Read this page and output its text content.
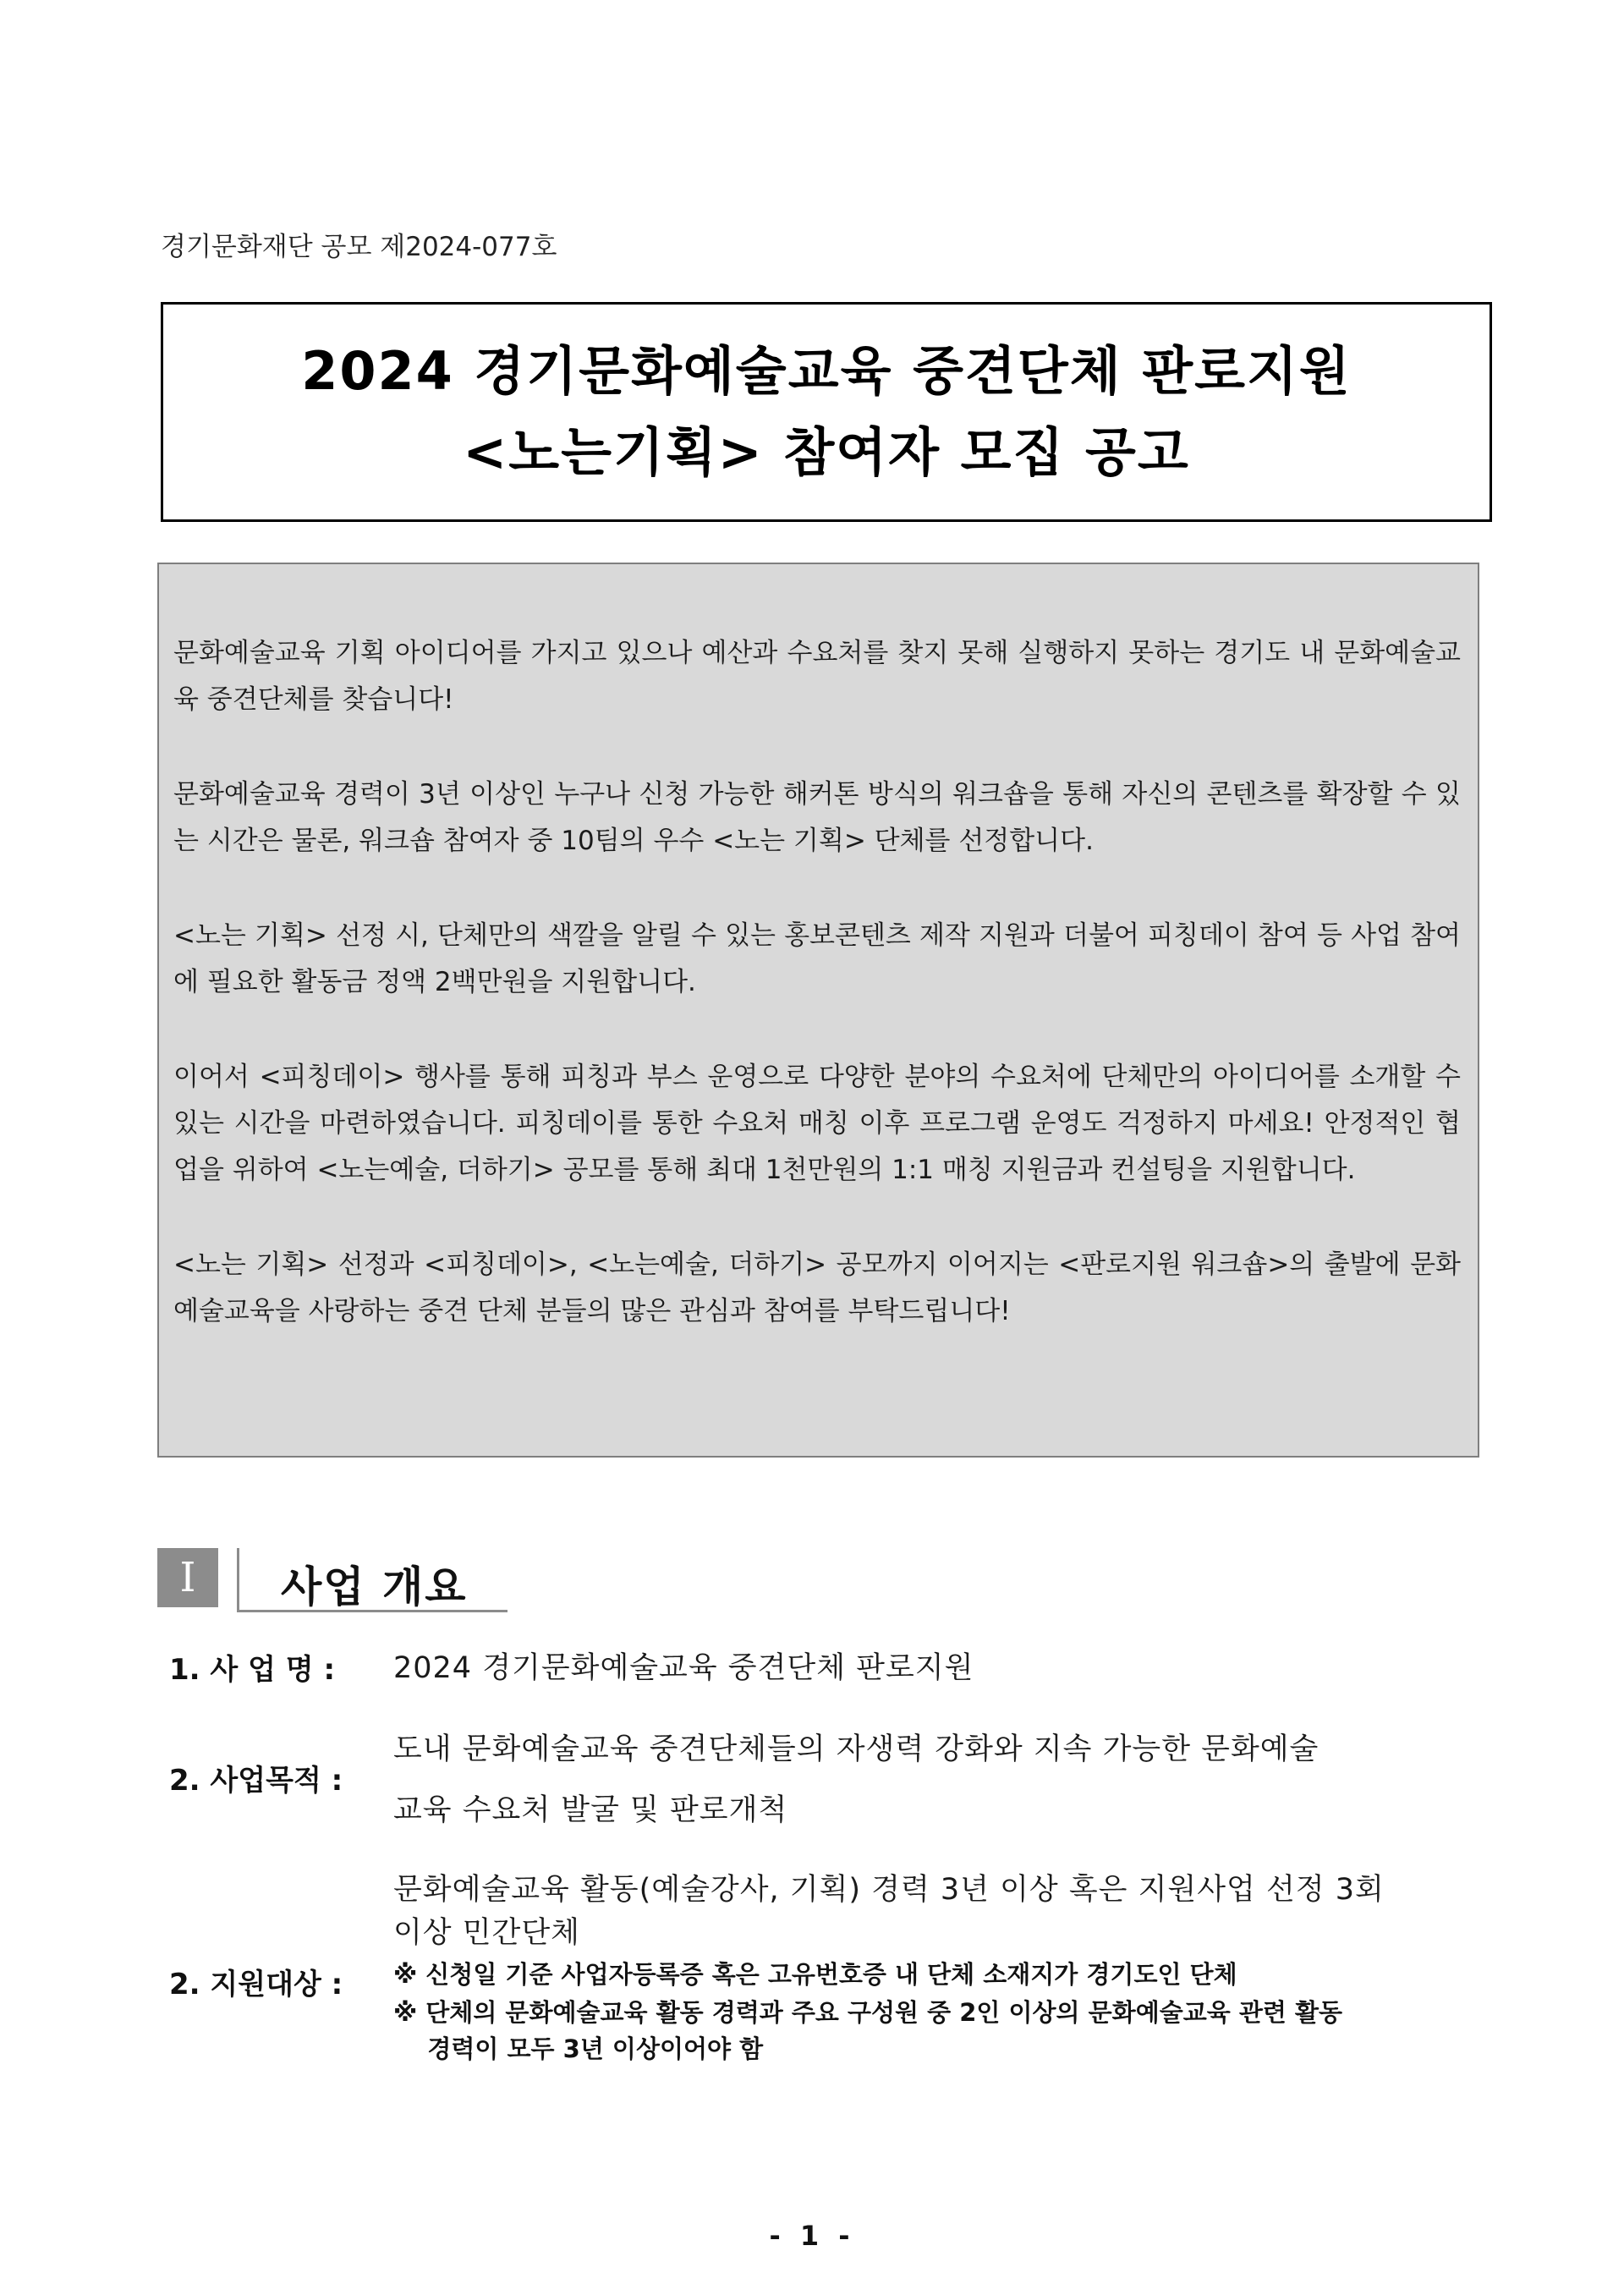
경기문화재단 공모 제2024-077호
2024 경기문화예술교육 중견단체 판로지원
<노는기획> 참여자 모집 공고

문화예술교육 기획 아이디어를 가지고 있으나 예산과 수요처를 찾지 못해 실행하지 못하는 경기도 내 문화예술교육 중견단체를 찾습니다!

문화예술교육 경력이 3년 이상인 누구나 신청 가능한 해커톤 방식의 워크숍을 통해 자신의 콘텐츠를 확장할 수 있는 시간은 물론, 워크숍 참여자 중 10팀의 우수 <노는 기획> 단체를 선정합니다.

<노는 기획> 선정 시, 단체만의 색깔을 알릴 수 있는 홍보콘텐츠 제작 지원과 더불어 피칭데이 참여 등 사업 참여에 필요한 활동금 정액 2백만원을 지원합니다.

이어서 <피칭데이> 행사를 통해 피칭과 부스 운영으로 다양한 분야의 수요처에 단체만의 아이디어를 소개할 수 있는 시간을 마련하였습니다. 피칭데이를 통한 수요처 매칭 이후 프로그램 운영도 걱정하지 마세요! 안정적인 협업을 위하여 <노는예술, 더하기> 공모를 통해 최대 1천만원의 1:1 매칭 지원금과 컨설팅을 지원합니다.

<노는 기획> 선정과 <피칭데이>, <노는예술, 더하기> 공모까지 이어지는 <판로지원 워크숍>의 출발에 문화예술교육을 사랑하는 중견 단체 분들의 많은 관심과 참여를 부탁드립니다!

Ⅰ	사업 개요
1. 사 업 명 : 2024 경기문화예술교육 중견단체 판로지원
2. 사업목적 :
도내 문화예술교육 중견단체들의 자생력 강화와 지속 가능한 문화예술
교육 수요처 발굴 및 판로개척
2. 지원대상 :
문화예술교육 활동(예술강사, 기획) 경력 3년 이상 혹은 지원사업 선정 3회
이상 민간단체
※ 신청일 기준 사업자등록증 혹은 고유번호증 내 단체 소재지가 경기도인 단체
※ 단체의 문화예술교육 활동 경력과 주요 구성원 중 2인 이상의 문화예술교육 관련 활동
경력이 모두 3년 이상이어야 함
- 1 -
